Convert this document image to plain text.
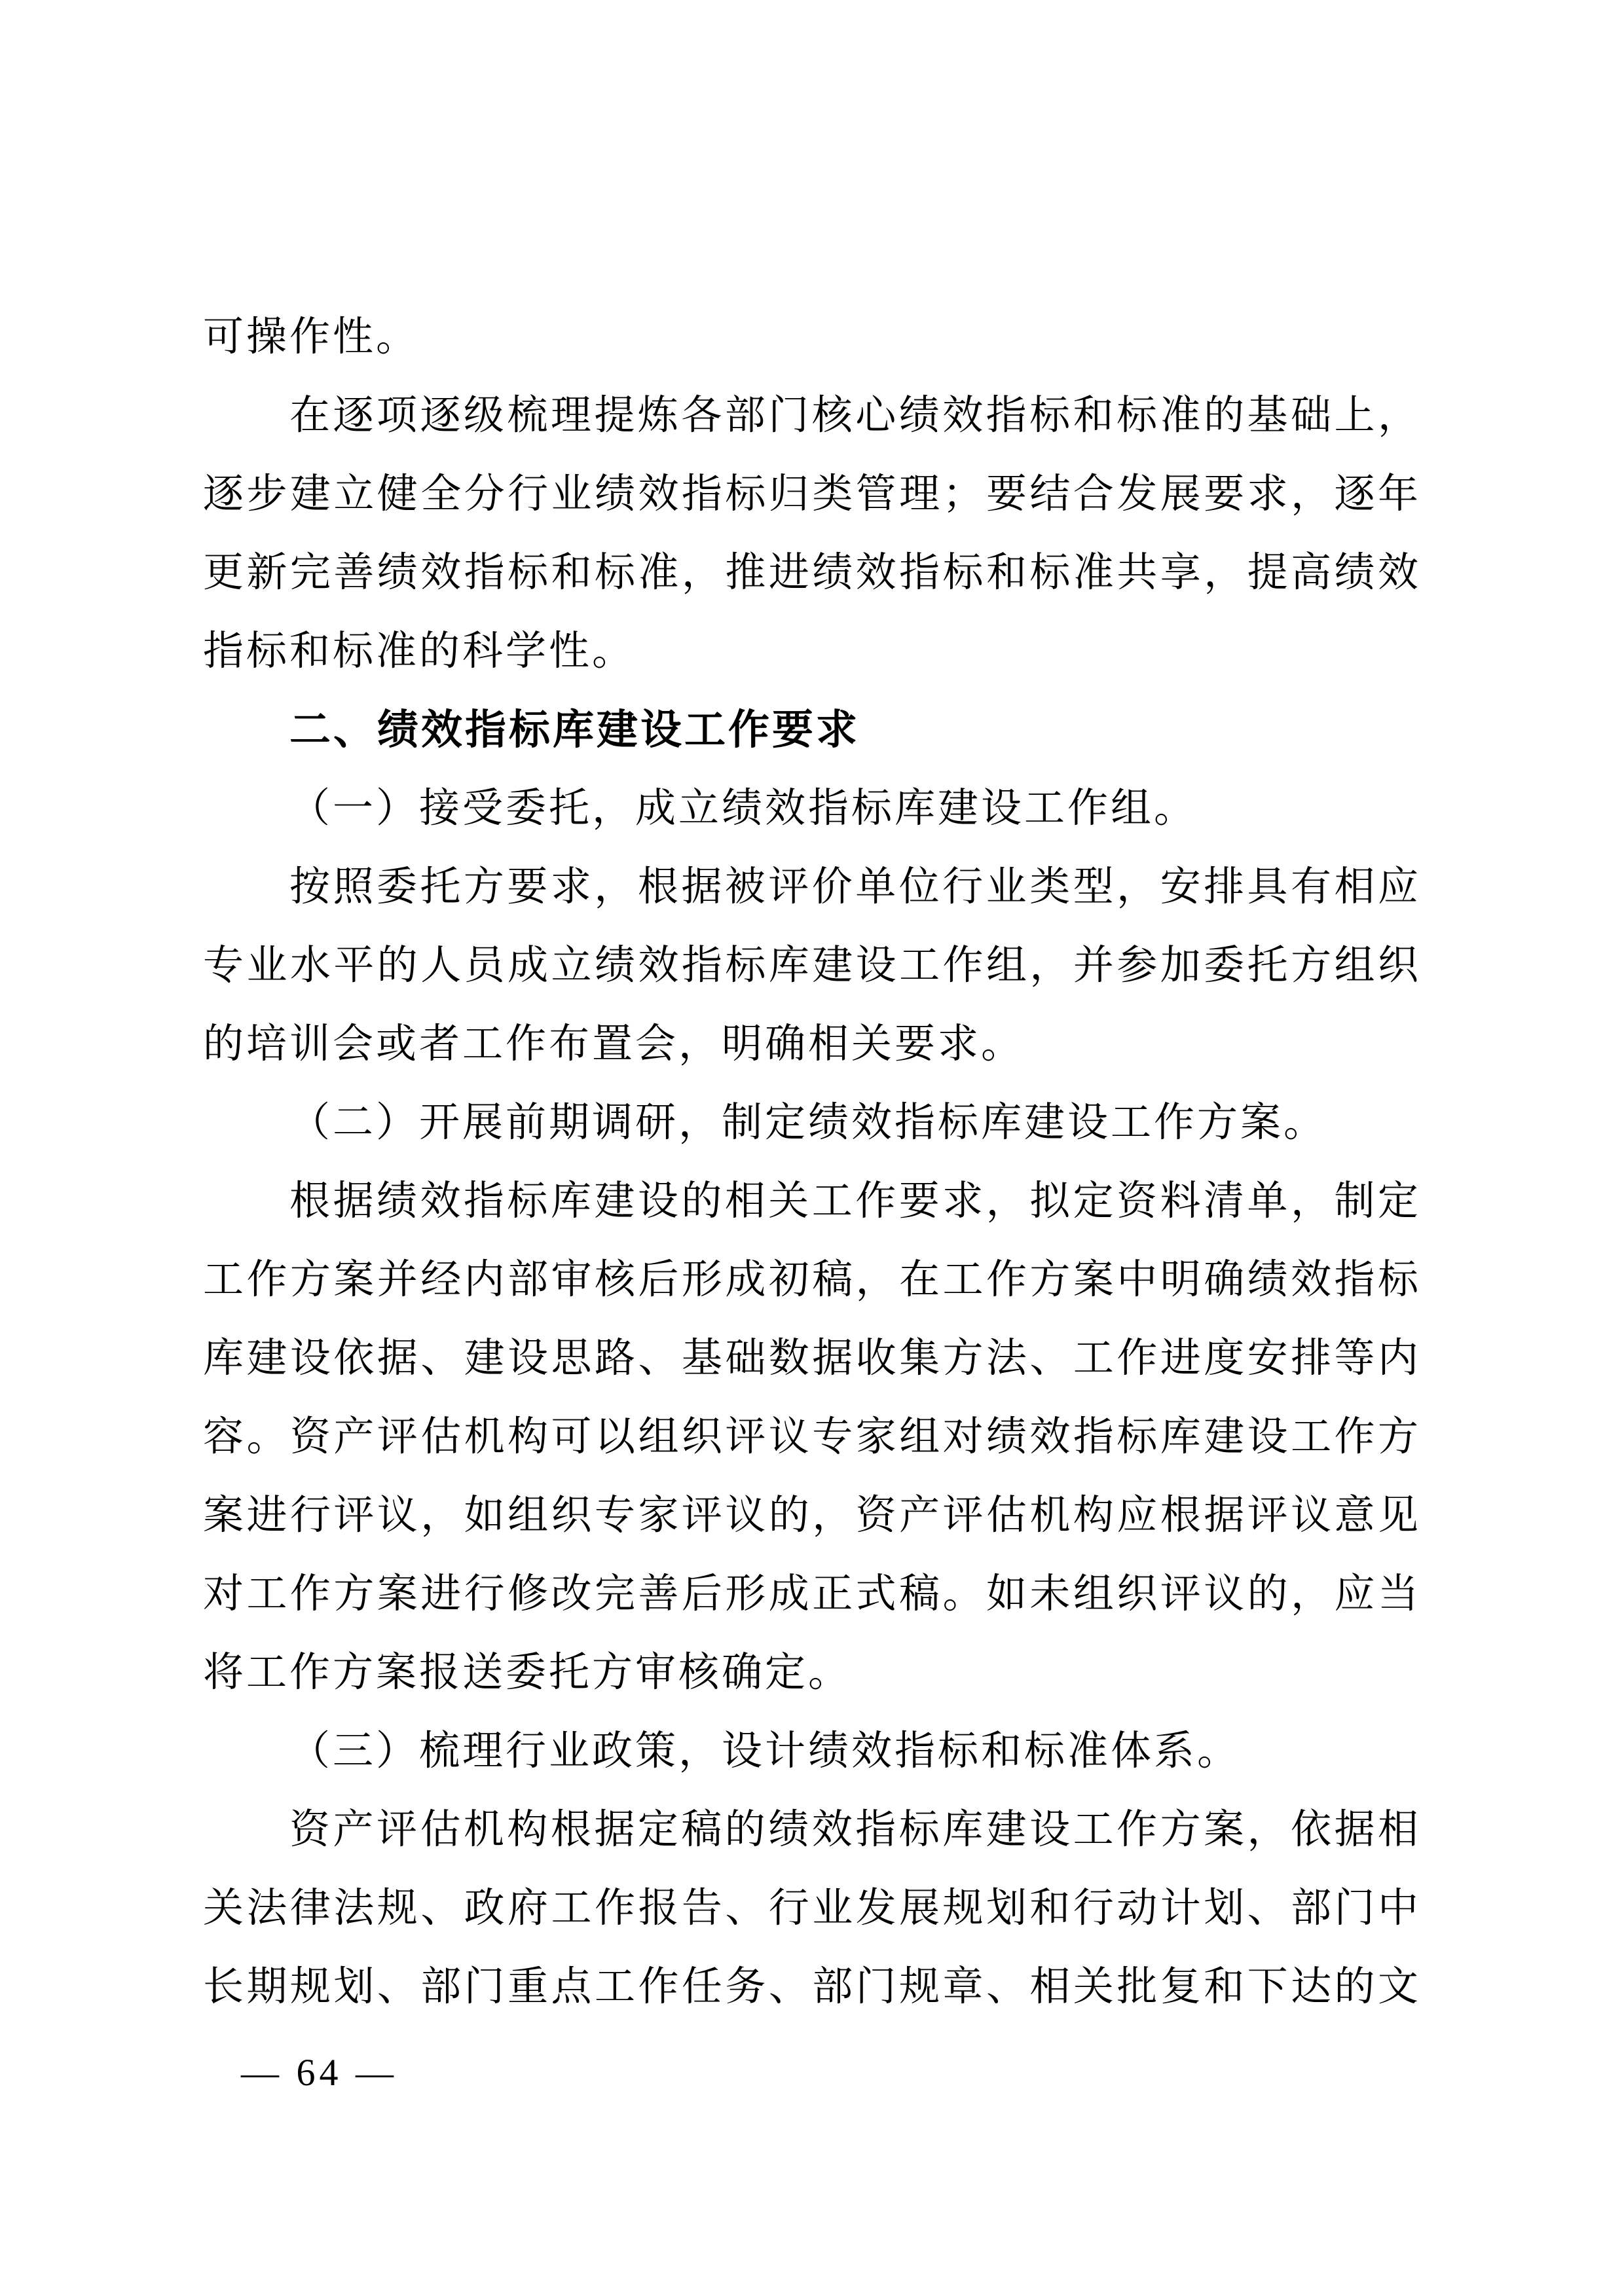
可操作性。
在逐项逐级梳理提炼各部门核心绩效指标和标准的基础上，
逐步建立健全分行业绩效指标归类管理；要结合发展要求，逐年
更新完善绩效指标和标准，推进绩效指标和标准共享，提高绩效
指标和标准的科学性。
二、绩效指标库建设工作要求
（一）接受委托，成立绩效指标库建设工作组。
按照委托方要求，根据被评价单位行业类型，安排具有相应
专业水平的人员成立绩效指标库建设工作组，并参加委托方组织
的培训会或者工作布置会，明确相关要求。
（二）开展前期调研，制定绩效指标库建设工作方案。
根据绩效指标库建设的相关工作要求，拟定资料清单，制定
工作方案并经内部审核后形成初稿，在工作方案中明确绩效指标
库建设依据、建设思路、基础数据收集方法、工作进度安排等内
容。资产评估机构可以组织评议专家组对绩效指标库建设工作方
案进行评议，如组织专家评议的，资产评估机构应根据评议意见
对工作方案进行修改完善后形成正式稿。如未组织评议的，应当
将工作方案报送委托方审核确定。
（三）梳理行业政策，设计绩效指标和标准体系。
资产评估机构根据定稿的绩效指标库建设工作方案，依据相
关法律法规、政府工作报告、行业发展规划和行动计划、部门中
长期规划、部门重点工作任务、部门规章、相关批复和下达的文
— 64 —
